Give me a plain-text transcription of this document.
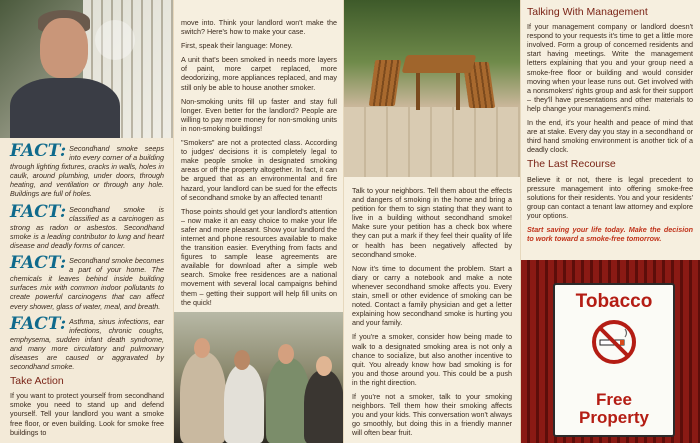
FACT: Secondhand smoke seeps into every corner of a building through lighting fixtures, cracks in walls, holes in caulk, around plumbing, under doors, through heating, and ventilation or through any hole. Buildings are full of holes.
FACT: Secondhand smoke is classified as a carcinogen as strong as radon or asbestos. Secondhand smoke is a leading contributor to lung and heart disease and deadly forms of cancer.
FACT: Secondhand smoke becomes a part of your home. The chemicals it leaves behind inside building surfaces mix with common indoor pollutants to create powerful carcinogens that can affect every shower, glass of water, meal, and breath.
FACT: Asthma, sinus infections, ear infections, chronic coughs, emphysema, sudden infant death syndrome, and many more circulatory and pulmonary diseases are caused or aggravated by secondhand smoke.
Take Action

If you want to protect yourself from secondhand smoke you need to stand up and defend yourself. Tell your landlord you want a smoke free floor, or even building. Look for smoke free buildings to

move into. Think your landlord won't make the switch? Here's how to make your case.

First, speak their language: Money.

A unit that's been smoked in needs more layers of paint, more carpet replaced, more deodorizing, more appliances replaced, and may still only be able to house another smoker.

Non-smoking units fill up faster and stay full longer. Even better for the landlord? People are willing to pay more money for non-smoking units in non-smoking buildings!

"Smokers" are not a protected class. According to judges' decisions it is completely legal to make people smoke in designated smoking areas or off the property altogether. In fact, it can be argued that as an environmental and fire hazard, your landlord can be sued for the effects of secondhand smoke by an affected tenant!

Those points should get your landlord's attention – now make it an easy choice to make your life safer and more pleasant. Show your landlord the internet and phone resources available to make the transition easier. Everything from facts and figures to sample lease agreements are available for download after a simple web search. Smoke free residences are a national movement with several local campaigns behind them – getting their support will help fill units on the quick!

Talk to your neighbors. Tell them about the effects and dangers of smoking in the home and bring a petition for them to sign stating that they want to live in a building without secondhand smoke! Make sure your petition has a check box where they can put a mark if they feel their quality of life or health has been negatively affected by secondhand smoke.

Now it's time to document the problem. Start a diary or carry a notebook and make a note whenever secondhand smoke affects you. Every stain, smell or other evidence of smoking can be noted. Contact a family physician and get a letter explaining how secondhand smoke is hurting you and your family.

If you're a smoker, consider how being made to walk to a designated smoking area is not only a chance to socialize, but also another incentive to quit. You already know how bad smoking is for you and those around you. This could be a push in the right direction.

If you're not a smoker, talk to your smoking neighbors. Tell them how their smoking affects you and your kids. This conversation won't always go smoothly, but doing this in a friendly manner will often bear fruit.

Talking With Management

If your management company or landlord doesn't respond to your requests it's time to get a little more involved. Form a group of concerned residents and start having meetings. Write the management letters explaining that you and your group need a smoke-free floor or building and would consider moving when your lease runs out. Get involved with a nonsmokers' rights group and ask for their support – they'll have presentations and other materials to help change your management's mind.

In the end, it's your health and peace of mind that are at stake. Every day you stay in a secondhand or third hand smoking environment is another tick of a deadly clock.

The Last Recourse

Believe it or not, there is legal precedent to pressure management into offering smoke-free solutions for their residents. You and your residents' group can contact a tenant law attorney and explore your options.

Start saving your life today. Make the decision to work toward a smoke-free tomorrow.

Tobacco
Free
Property
